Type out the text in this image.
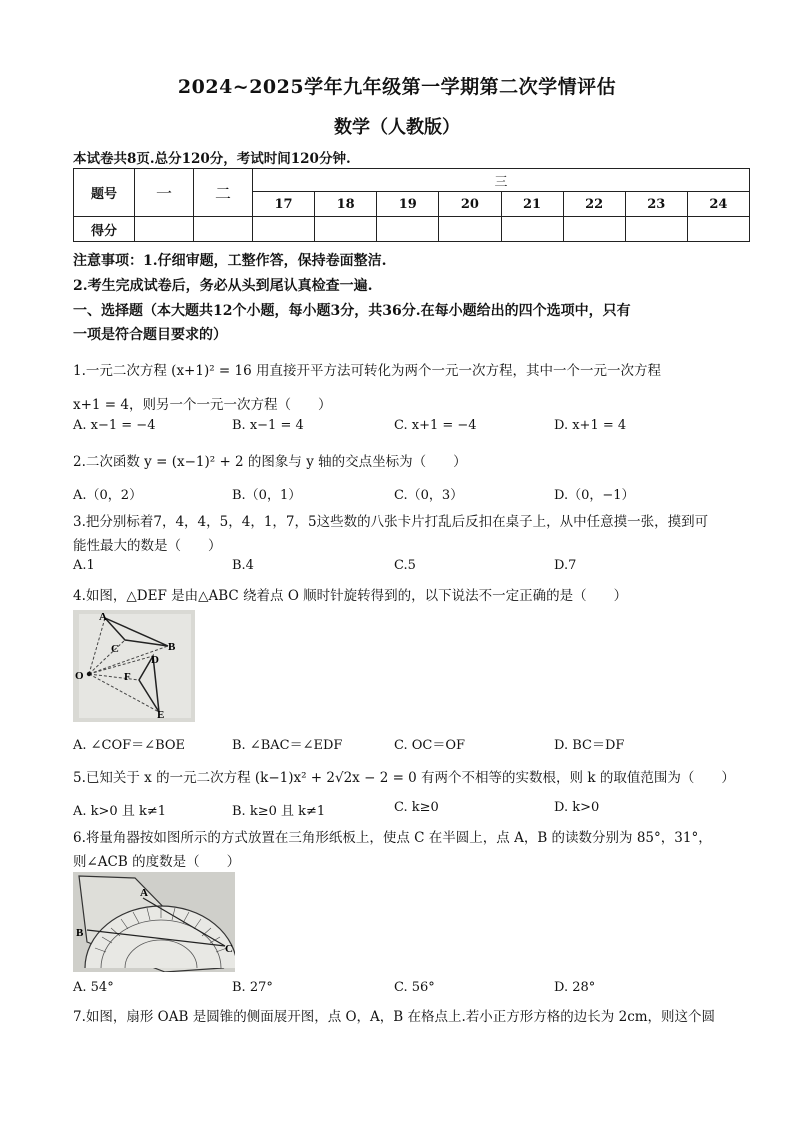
2024~2025学年九年级第一学期第二次学情评估
数学（人教版）
本试卷共8页.总分120分，考试时间120分钟.
题号	一	二	三							
			17	18	19	20	21	22	23	24
得分										
注意事项：1.仔细审题，工整作答，保持卷面整洁.
2.考生完成试卷后，务必从头到尾认真检查一遍.
一、选择题（本大题共12个小题，每小题3分，共36分.在每小题给出的四个选项中，只有
一项是符合题目要求的）
1.一元二次方程 (x+1)² = 16 用直接开平方法可转化为两个一元一次方程，其中一个一元一次方程
x+1 = 4，则另一个一元一次方程（　　）
A. x−1 = −4	B. x−1 = 4	C. x+1 = −4	D. x+1 = 4
2.二次函数 y = (x−1)² + 2 的图象与 y 轴的交点坐标为（　　）
A.（0，2）	B.（0，1）	C.（0，3）	D.（0，−1）
3.把分别标着7，4，4，5，4，1，7，5这些数的八张卡片打乱后反扣在桌子上，从中任意摸一张，摸到可
能性最大的数是（　　）
A.1	B.4	C.5	D.7
4.如图，△DEF 是由△ABC 绕着点 O 顺时针旋转得到的，以下说法不一定正确的是（　　）
A
B
C
D
E
F
O
A. ∠COF＝∠BOE	B. ∠BAC＝∠EDF	C. OC＝OF	D. BC＝DF
5.已知关于 x 的一元二次方程 (k−1)x² + 2√2x − 2 = 0 有两个不相等的实数根，则 k 的取值范围为（　　）
A. k>0 且 k≠1	B. k≥0 且 k≠1	C. k≥0	D. k>0
6.将量角器按如图所示的方式放置在三角形纸板上，使点 C 在半圆上，点 A，B 的读数分别为 85°，31°，
则∠ACB 的度数是（　　）
A
B
C
A. 54°	B. 27°	C. 56°	D. 28°
7.如图，扇形 OAB 是圆锥的侧面展开图，点 O，A，B 在格点上.若小正方形方格的边长为 2cm，则这个圆
